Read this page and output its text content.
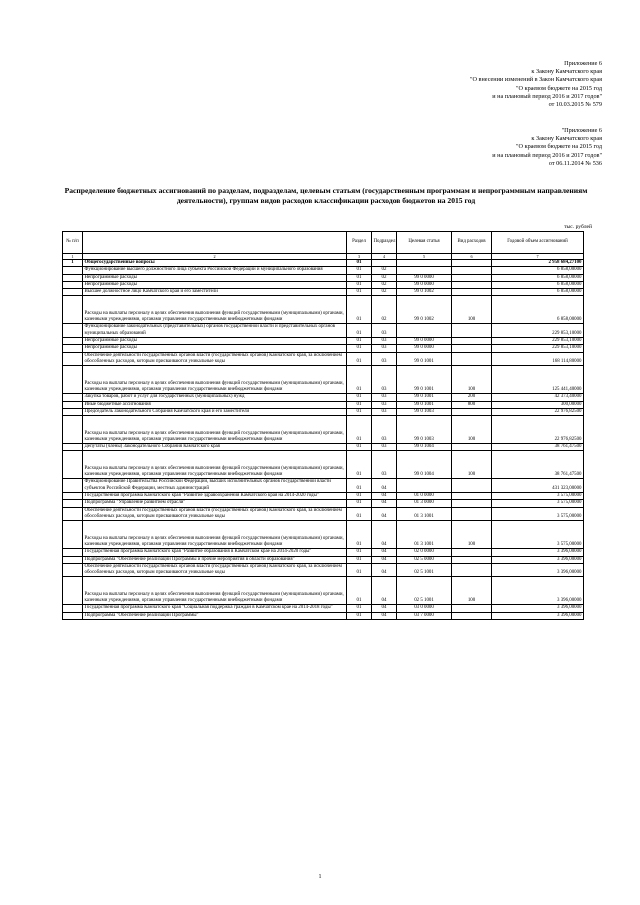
Приложение 6
к Закону Камчатского края
"О внесении изменений в Закон Камчатского края
"О краевом бюджете на 2015 год
и на плановый период 2016 и 2017 годов"
от 10.03.2015 № 579
"Приложение 6
к Закону Камчатского края
"О краевом бюджете на 2015 год
и на плановый период 2016 и 2017 годов"
от 06.11.2014 № 536
Распределение бюджетных ассигнований по разделам, подразделам, целевым статьям (государственным программам и непрограммным направлениям деятельности), группам видов расходов классификации расходов бюджетов на 2015 год
тыс. рублей
№ п/п		Раздел	Подраздел	Целевая статья	Вид расходов	Годовой объем ассигнований
1	2	3	4	5	6	7
1	Общегосударственные вопросы	01				2 958 684,27100
	Функционирование высшего должностного лица субъекта Российской Федерации и муниципального образования	01	02			6 858,00000
	Непрограммные расходы	01	02	99 0 0000		6 858,00000
	Непрограммные расходы	01	02	99 0 0000		6 858,00000
	Высшее должностное лицо Камчатского края и его заместители	01	02	99 0 1002		6 858,00000
	Расходы на выплаты персоналу в целях обеспечения выполнения функций государственными (муниципальными) органами, казенными учреждениями, органами управления государственными внебюджетными фондами	01	02	99 0 1002	100	6 858,00000
	Функционирование законодательных (представительных) органов государственной власти и представительных органов муниципальных образований	01	03			229 853,10000
	Непрограммные расходы	01	03	99 0 0000		229 853,10000
	Непрограммные расходы	01	03	99 0 0000		229 853,10000
	Обеспечение деятельности государственных органов власти (государственных органов) Камчатского края, за исключением обособленных расходов, которым присваиваются уникальные коды	01	03	99 0 1001		168 114,80000
	Расходы на выплаты персоналу в целях обеспечения выполнения функций государственными (муниципальными) органами, казенными учреждениями, органами управления государственными внебюджетными фондами	01	03	99 0 1001	100	125 441,40000
	Закупка товаров, работ и услуг для государственных (муниципальных) нужд	01	03	99 0 1001	200	42 373,40000
	Иные бюджетные ассигнования	01	03	99 0 1001	800	300,00000
	Председатель Законодательного Собрания Камчатского края и его заместители	01	03	99 0 1003		22 976,82500
	Расходы на выплаты персоналу в целях обеспечения выполнения функций государственными (муниципальными) органами, казенными учреждениями, органами управления государственными внебюджетными фондами	01	03	99 0 1003	100	22 976,82500
	Депутаты (члены) Законодательного Собрания Камчатского края	01	03	99 0 1004		38 761,47500
	Расходы на выплаты персоналу в целях обеспечения выполнения функций государственными (муниципальными) органами, казенными учреждениями, органами управления государственными внебюджетными фондами	01	03	99 0 1004	100	38 761,47500
	Функционирование Правительства Российской Федерации, высших исполнительных органов государственной власти субъектов Российской Федерации, местных администраций	01	04			431 323,00000
	Государственная программа Камчатского края "Развитие здравоохранения Камчатского края на 2014-2020 годы"	01	04	01 0 0000		3 575,00000
	Подпрограмма "Управление развитием отрасли"	01	04	01 3 0000		3 575,00000
	Обеспечение деятельности государственных органов власти (государственных органов) Камчатского края, за исключением обособленных расходов, которым присваиваются уникальные коды	01	04	01 3 1001		3 575,00000
	Расходы на выплаты персоналу в целях обеспечения выполнения функций государственными (муниципальными) органами, казенными учреждениями, органами управления государственными внебюджетными фондами	01	04	01 3 1001	100	3 575,00000
	Государственная программа Камчатского края "Развитие образования в Камчатском крае на 2014-2020 годы"	01	04	02 0 0000		3 396,00000
	Подпрограмма "Обеспечение реализации Программы и прочие мероприятия в области образования"	01	04	02 5 0000		3 396,00000
	Обеспечение деятельности государственных органов власти (государственных органов) Камчатского края, за исключением обособленных расходов, которым присваиваются уникальные коды	01	04	02 5 1001		3 396,00000
	Расходы на выплаты персоналу в целях обеспечения выполнения функций государственными (муниципальными) органами, казенными учреждениями, органами управления государственными внебюджетными фондами	01	04	02 5 1001	100	3 396,00000
	Государственная программа Камчатского края "Социальная поддержка граждан в Камчатском крае на 2014-2018 годы"	01	04	03 0 0000		3 396,00000
	Подпрограмма "Обеспечение реализации Программы"	01	04	03 7 0000		3 396,00000
1
